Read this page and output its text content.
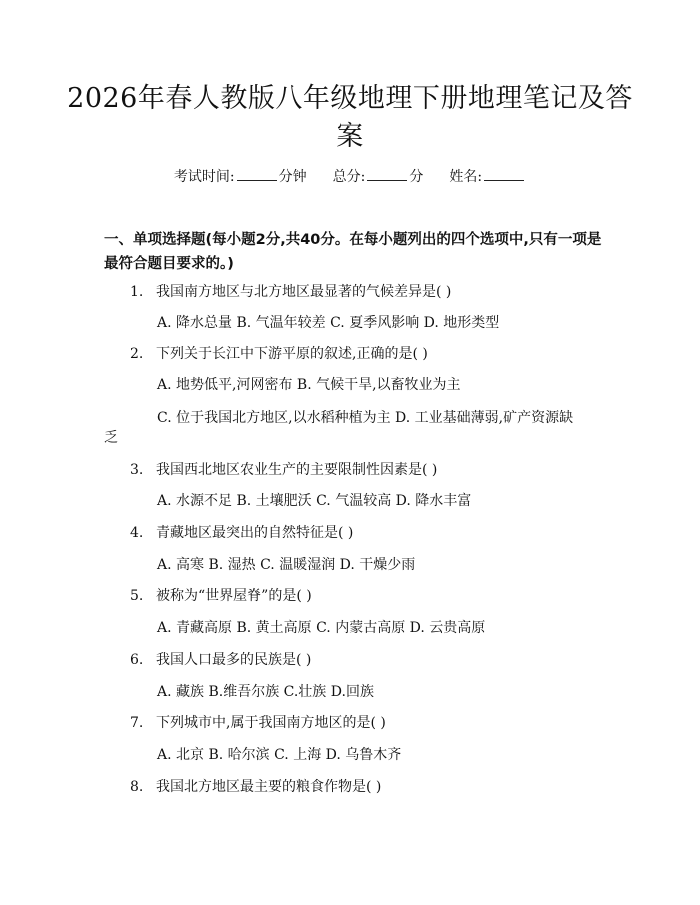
2026年春人教版八年级地理下册地理笔记及答案
考试时间:	分钟 总分:	分 姓名:
一、单项选择题(每小题2分,共40分。在每小题列出的四个选项中,只有一项是最符合题目要求的。)
1. 我国南方地区与北方地区最显著的气候差异是( )
A. 降水总量 B. 气温年较差 C. 夏季风影响 D. 地形类型
2. 下列关于长江中下游平原的叙述,正确的是( )
A. 地势低平,河网密布 B. 气候干旱,以畜牧业为主
C. 位于我国北方地区,以水稻种植为主 D. 工业基础薄弱,矿产资源缺
乏
3. 我国西北地区农业生产的主要限制性因素是( )
A. 水源不足 B. 土壤肥沃 C. 气温较高 D. 降水丰富
4. 青藏地区最突出的自然特征是( )
A. 高寒 B. 湿热 C. 温暖湿润 D. 干燥少雨
5. 被称为“世界屋脊”的是( )
A. 青藏高原 B. 黄土高原 C. 内蒙古高原 D. 云贵高原
6. 我国人口最多的民族是( )
A. 藏族 B.维吾尔族 C.壮族 D.回族
7. 下列城市中,属于我国南方地区的是( )
A. 北京 B. 哈尔滨 C. 上海 D. 乌鲁木齐
8. 我国北方地区最主要的粮食作物是( )
